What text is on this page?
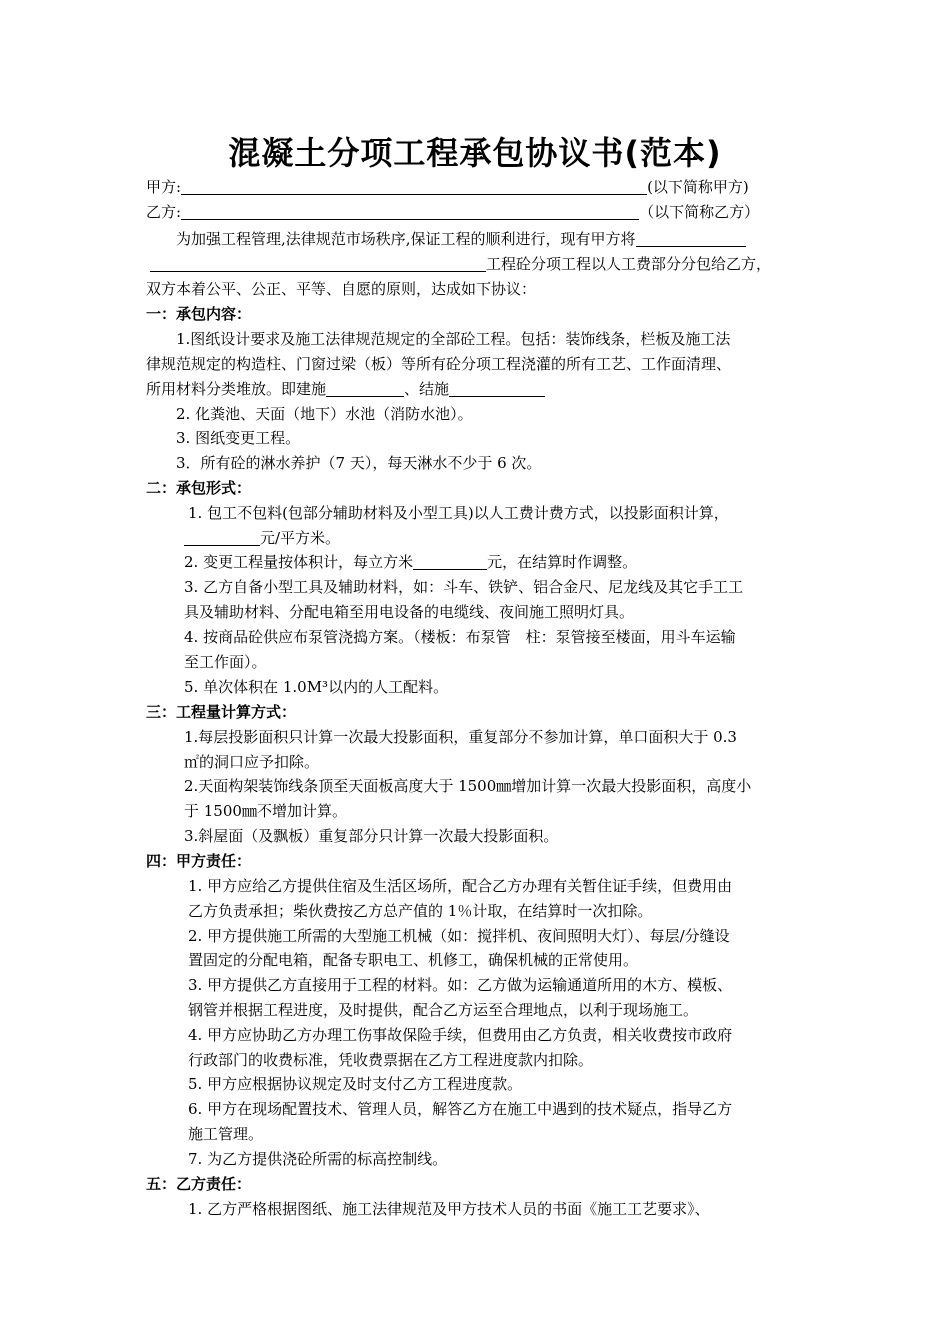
混凝土分项工程承包协议书(范本)
甲方:	(以下简称甲方)
乙方:	（以下简称乙方）
为加强工程管理,法律规范市场秩序,保证工程的顺利进行，现有甲方将
工程砼分项工程以人工费部分分包给乙方，
双方本着公平、公正、平等、自愿的原则，达成如下协议：
一：承包内容：
1.图纸设计要求及施工法律规范规定的全部砼工程。包括：装饰线条，栏板及施工法
律规范规定的构造柱、门窗过梁（板）等所有砼分项工程浇灌的所有工艺、工作面清理、
所用材料分类堆放。即建施	、结施
2. 化粪池、天面（地下）水池（消防水池）。
3. 图纸变更工程。
3．所有砼的淋水养护（7 天），每天淋水不少于 6 次。
二：承包形式：
1. 包工不包料(包部分辅助材料及小型工具)以人工费计费方式，以投影面积计算，
元/平方米。
2. 变更工程量按体积计，每立方米	元，在结算时作调整。
3. 乙方自备小型工具及辅助材料，如：斗车、铁铲、铝合金尺、尼龙线及其它手工工
具及辅助材料、分配电箱至用电设备的电缆线、夜间施工照明灯具。
4. 按商品砼供应布泵管浇捣方案。（楼板：布泵管　柱：泵管接至楼面，用斗车运输
至工作面）。
5. 单次体积在 1.0M³以内的人工配料。
三：工程量计算方式：
1.每层投影面积只计算一次最大投影面积，重复部分不参加计算，单口面积大于 0.3
㎡的洞口应予扣除。
2.天面构架装饰线条顶至天面板高度大于 1500㎜增加计算一次最大投影面积，高度小
于 1500㎜不增加计算。
3.斜屋面（及飘板）重复部分只计算一次最大投影面积。
四：甲方责任：
1. 甲方应给乙方提供住宿及生活区场所，配合乙方办理有关暂住证手续，但费用由
乙方负责承担；柴伙费按乙方总产值的 1％计取，在结算时一次扣除。
2. 甲方提供施工所需的大型施工机械（如：搅拌机、夜间照明大灯）、每层/分缝设
置固定的分配电箱，配备专职电工、机修工，确保机械的正常使用。
3. 甲方提供乙方直接用于工程的材料。如：乙方做为运输通道所用的木方、模板、
钢管并根据工程进度，及时提供，配合乙方运至合理地点，以利于现场施工。
4. 甲方应协助乙方办理工伤事故保险手续，但费用由乙方负责，相关收费按市政府
行政部门的收费标准，凭收费票据在乙方工程进度款内扣除。
5. 甲方应根据协议规定及时支付乙方工程进度款。
6. 甲方在现场配置技术、管理人员，解答乙方在施工中遇到的技术疑点，指导乙方
施工管理。
7. 为乙方提供浇砼所需的标高控制线。
五：乙方责任：
1. 乙方严格根据图纸、施工法律规范及甲方技术人员的书面《施工工艺要求》、
